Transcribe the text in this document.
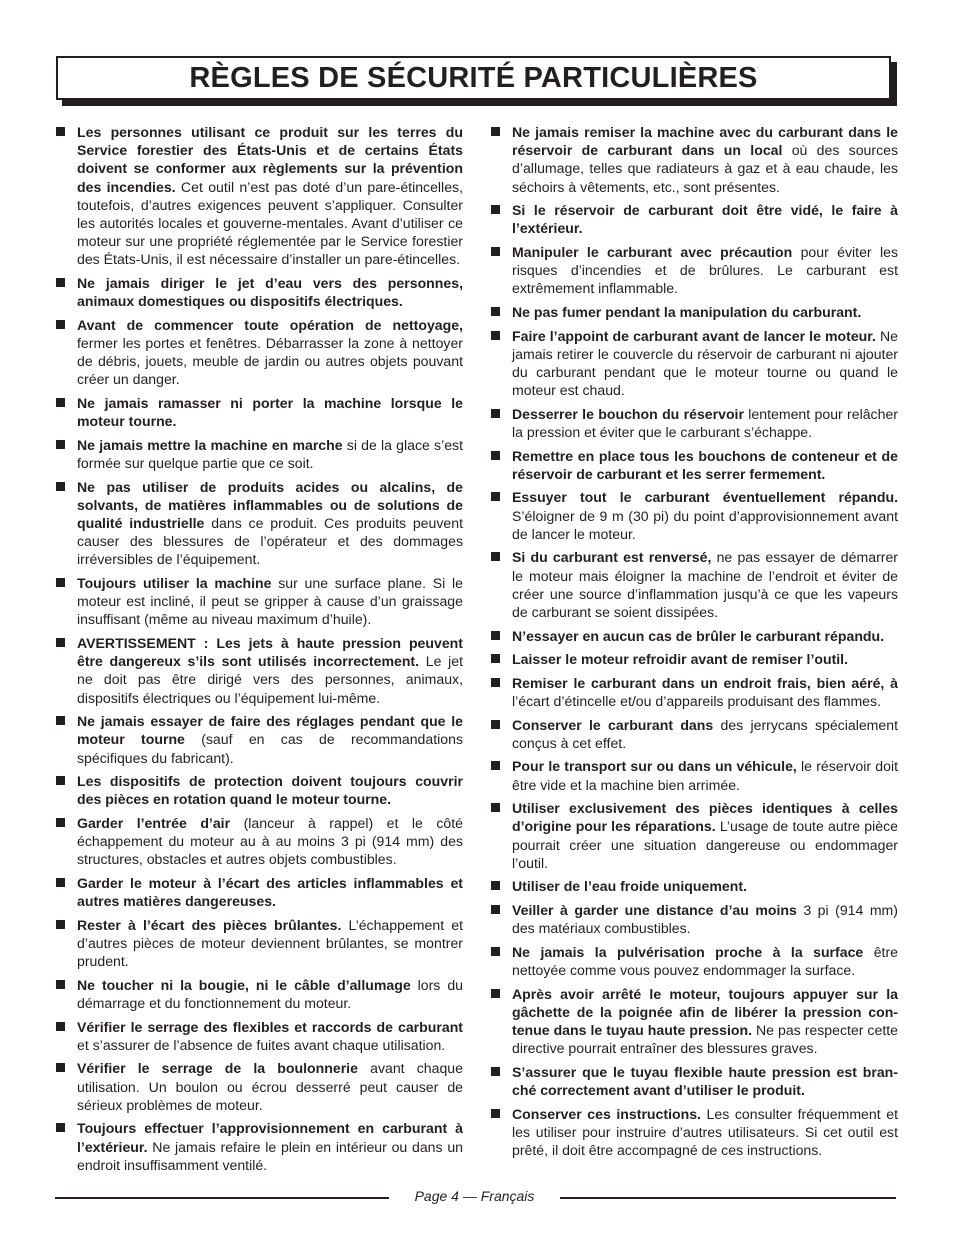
RÈGLES DE SÉCURITÉ PARTICULIÈRES
Les personnes utilisant ce produit sur les terres du Service forestier des États-Unis et de certains États doivent se conformer aux règlements sur la prévention des incendies. Cet outil n’est pas doté d’un pare-étincelles, toutefois, d’autres exigences peuvent s’appliquer. Consulter les autorités locales et gouverne-mentales. Avant d’utiliser ce moteur sur une propriété réglementée par le Service forestier des États-Unis, il est nécessaire d’installer un pare-étincelles.
Ne jamais diriger le jet d’eau vers des personnes, animaux domestiques ou dispositifs électriques.
Avant de commencer toute opération de nettoyage, fermer les portes et fenêtres. Débarrasser la zone à nettoyer de débris, jouets, meuble de jardin ou autres objets pouvant créer un danger.
Ne jamais ramasser ni porter la machine lorsque le moteur tourne.
Ne jamais mettre la machine en marche si de la glace s’est formée sur quelque partie que ce soit.
Ne pas utiliser de produits acides ou alcalins, de solvants, de matières inflammables ou de solutions de qualité industrielle dans ce produit. Ces produits peuvent causer des blessures de l’opérateur et des dommages irréversibles de l’équipement.
Toujours utiliser la machine sur une surface plane. Si le moteur est incliné, il peut se gripper à cause d’un graissage insuffisant (même au niveau maximum d’huile).
AVERTISSEMENT : Les jets à haute pression peuvent être dangereux s’ils sont utilisés incorrectement. Le jet ne doit pas être dirigé vers des personnes, animaux, dispositifs électriques ou l’équipement lui-même.
Ne jamais essayer de faire des réglages pendant que le moteur tourne (sauf en cas de recommandations spécifiques du fabricant).
Les dispositifs de protection doivent toujours couvrir des pièces en rotation quand le moteur tourne.
Garder l’entrée d’air (lanceur à rappel) et le côté échappement du moteur au à au moins 3 pi (914 mm) des structures, obstacles et autres objets combustibles.
Garder le moteur à l’écart des articles inflammables et autres matières dangereuses.
Rester à l’écart des pièces brûlantes. L’échappement et d’autres pièces de moteur deviennent brûlantes, se montrer prudent.
Ne toucher ni la bougie, ni le câble d’allumage lors du démarrage et du fonctionnement du moteur.
Vérifier le serrage des flexibles et raccords de carburant et s’assurer de l’absence de fuites avant chaque utilisation.
Vérifier le serrage de la boulonnerie avant chaque utilisation. Un boulon ou écrou desserré peut causer de sérieux problèmes de moteur.
Toujours effectuer l’approvisionnement en carburant à l’extérieur. Ne jamais refaire le plein en intérieur ou dans un endroit insuffisamment ventilé.
Ne jamais remiser la machine avec du carburant dans le réservoir de carburant dans un local où des sources d’allumage, telles que radiateurs à gaz et à eau chaude, les séchoirs à vêtements, etc., sont présentes.
Si le réservoir de carburant doit être vidé, le faire à l’extérieur.
Manipuler le carburant avec précaution pour éviter les risques d’incendies et de brûlures. Le carburant est extrêmement inflammable.
Ne pas fumer pendant la manipulation du carburant.
Faire l’appoint de carburant avant de lancer le moteur. Ne jamais retirer le couvercle du réservoir de carburant ni ajouter du carburant pendant que le moteur tourne ou quand le moteur est chaud.
Desserrer le bouchon du réservoir lentement pour relâcher la pression et éviter que le carburant s’échappe.
Remettre en place tous les bouchons de conteneur et de réservoir de carburant et les serrer fermement.
Essuyer tout le carburant éventuellement répandu. S’éloigner de 9 m (30 pi) du point d’approvisionnement avant de lancer le moteur.
Si du carburant est renversé, ne pas essayer de démarrer le moteur mais éloigner la machine de l’endroit et éviter de créer une source d’inflammation jusqu’à ce que les vapeurs de carburant se soient dissipées.
N’essayer en aucun cas de brûler le carburant répandu.
Laisser le moteur refroidir avant de remiser l’outil.
Remiser le carburant dans un endroit frais, bien aéré, à l’écart d’étincelle et/ou d’appareils produisant des flammes.
Conserver le carburant dans des jerrycans spécialement conçus à cet effet.
Pour le transport sur ou dans un véhicule, le réservoir doit être vide et la machine bien arrimée.
Utiliser exclusivement des pièces identiques à celles d’origine pour les réparations. L’usage de toute autre pièce pourrait créer une situation dangereuse ou endommager l’outil.
Utiliser de l’eau froide uniquement.
Veiller à garder une distance d’au moins 3 pi (914 mm) des matériaux combustibles.
Ne jamais la pulvérisation proche à la surface être nettoyée comme vous pouvez endommager la surface.
Après avoir arrêté le moteur, toujours appuyer sur la gâchette de la poignée afin de libérer la pression con-tenue dans le tuyau haute pression. Ne pas respecter cette directive pourrait entraîner des blessures graves.
S’assurer que le tuyau flexible haute pression est bran-ché correctement avant d’utiliser le produit.
Conserver ces instructions. Les consulter fréquemment et les utiliser pour instruire d’autres utilisateurs. Si cet outil est prêté, il doit être accompagné de ces instructions.
Page 4 — Français
